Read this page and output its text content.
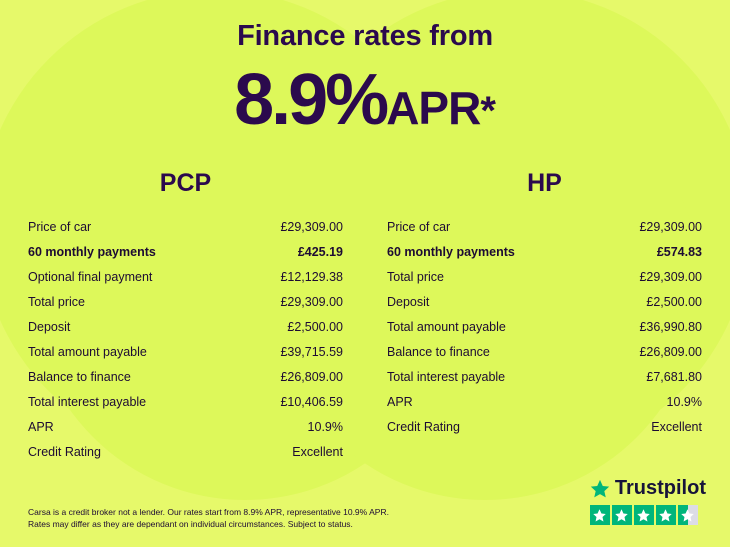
Finance rates from
8.9%APR*
PCP
Price of car	£29,309.00
60 monthly payments	£425.19
Optional final payment	£12,129.38
Total price	£29,309.00
Deposit	£2,500.00
Total amount payable	£39,715.59
Balance to finance	£26,809.00
Total interest payable	£10,406.59
APR	10.9%
Credit Rating	Excellent
HP
Price of car	£29,309.00
60 monthly payments	£574.83
Total price	£29,309.00
Deposit	£2,500.00
Total amount payable	£36,990.80
Balance to finance	£26,809.00
Total interest payable	£7,681.80
APR	10.9%
Credit Rating	Excellent
Carsa is a credit broker not a lender. Our rates start from 8.9% APR, representative 10.9% APR.
Rates may differ as they are dependant on individual circumstances. Subject to status.
Trustpilot
